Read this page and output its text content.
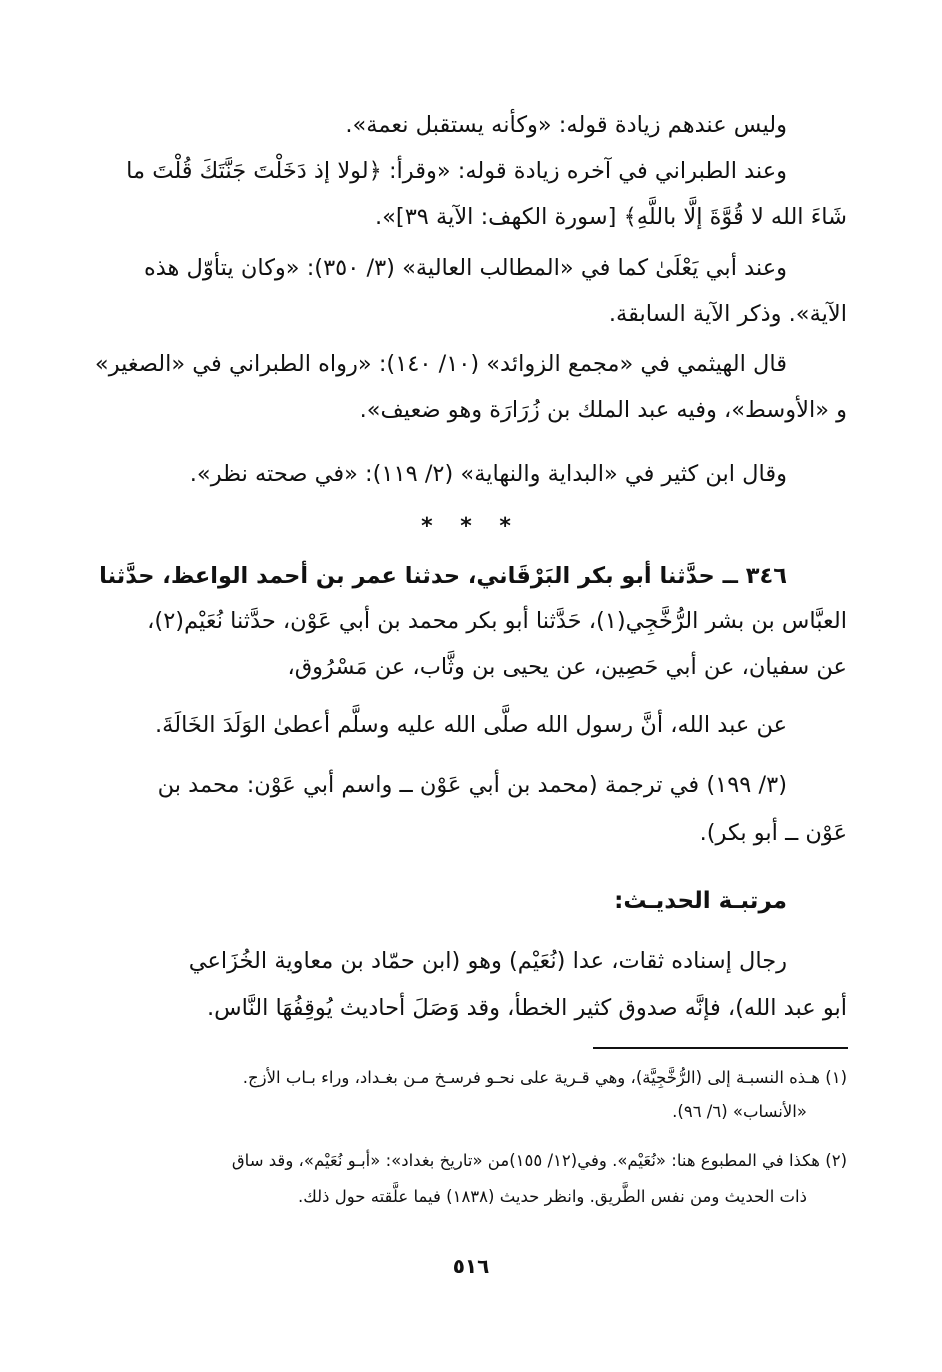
وليس عندهم زيادة قوله: «وكأنه يستقبل نعمة».
وعند الطبراني في آخره زيادة قوله: «وقرأ: ﴿لولا إذ دَخَلْتَ جَنَّتَكَ قُلْتَ ما
شَاءَ الله لا قُوَّةَ إلَّا باللَّهِ﴾ [سورة الكهف: الآية ٣٩]».
وعند أبي يَعْلَىٰ كما في «المطالب العالية» (٣/ ٣٥٠): «وكان يتأوّل هذه
الآية». وذكر الآية السابقة.
قال الهيثمي في «مجمع الزوائد» (١٠/ ١٤٠): «رواه الطبراني في «الصغير»
و «الأوسط»، وفيه عبد الملك بن زُرَارَة وهو ضعيف».
وقال ابن كثير في «البداية والنهاية» (٢/ ١١٩): «في صحته نظر».
* * *
٣٤٦ ــ حدَّثنا أبو بكر البَرْقَاني، حدثنا عمر بن أحمد الواعظ، حدَّثنا
العبَّاس بن بشر الرُّخَّجِي(١)، حَدَّثنا أبو بكر محمد بن أبي عَوْن، حدَّثنا نُعَيْم(٢)،
عن سفيان، عن أبي حَصِين، عن يحيى بن وثَّاب، عن مَسْرُوق،
عن عبد الله، أنَّ رسول الله صلَّى الله عليه وسلَّم أعطىٰ الوَلَدَ الخَالَةَ.
(٣/ ١٩٩) في ترجمة (محمد بن أبي عَوْن ــ واسم أبي عَوْن: محمد بن
عَوْن ــ أبو بكر).
مرتبـة الحديـث:
رجال إسناده ثقات، عدا (نُعَيْم) وهو (ابن حمّاد بن معاوية الخُزَاعي
أبو عبد الله)، فإنَّه صدوق كثير الخطأ، وقد وَصَلَ أحاديث يُوقِفُهَا النَّاس.
(١) هـذه النسبـة إلى (الرُّخَّجِيَّة)، وهي قـرية على نحـو فرسـخ مـن بغـداد، وراء بـاب الأزج.
«الأنساب» (٦/ ٩٦).
(٢) هكذا في المطبوع هنا: «نُعَيْم». وفي(١٢/ ١٥٥)من «تاريخ بغداد»: «أبـو نُعَيْم»، وقد ساق
ذات الحديث ومن نفس الطَّريق. وانظر حديث (١٨٣٨) فيما علَّقته حول ذلك.
٥١٦
